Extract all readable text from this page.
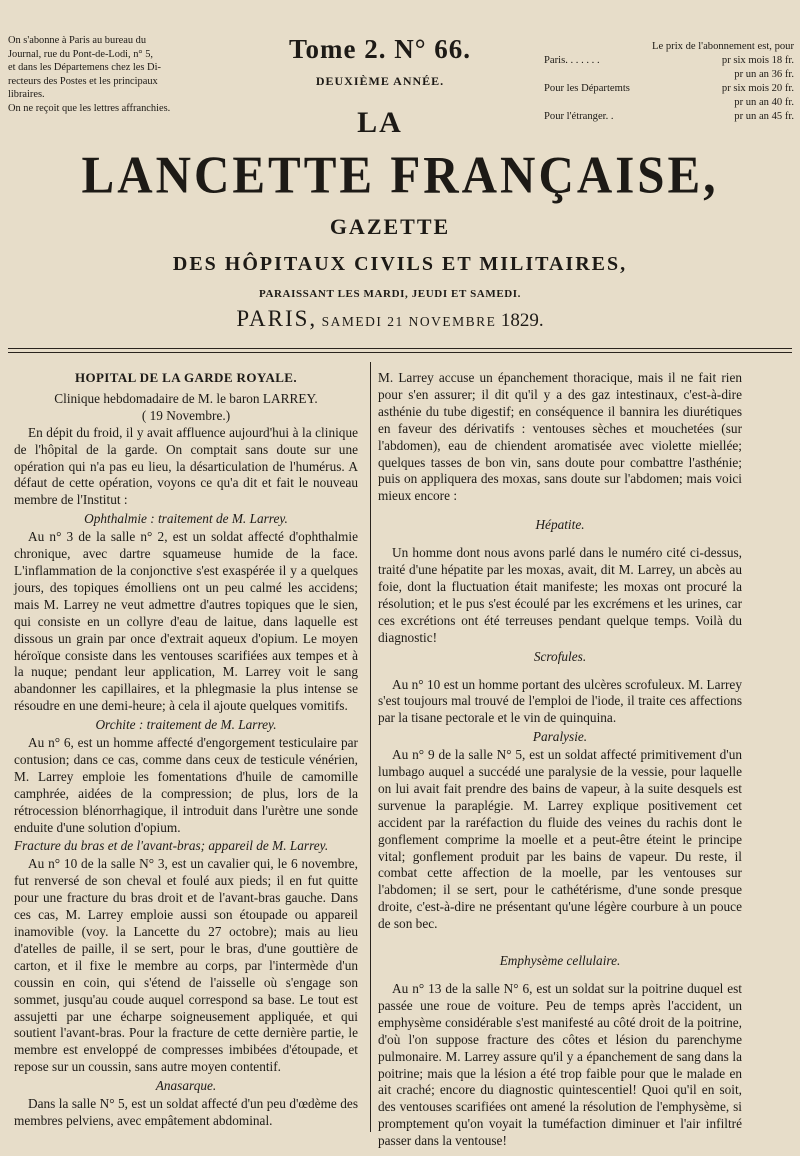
On s'abonne à Paris au bureau du

Journal, rue du Pont-de-Lodi, n° 5,

et dans les Départemens chez les Di-

recteurs des Postes et les principaux

libraires.

On ne reçoit que les lettres affranchies.

Tome 2. N° 66.
DEUXIÈME ANNÉE.
Le prix de l'abonnement est, pour
Paris. . . . . . .	pr six mois 18 fr.
pr un an 36 fr.
Pour les Départemts	pr six mois 20 fr.
pr un an 40 fr.
Pour l'étranger. .	pr un an 45 fr.
LA
LANCETTE FRANÇAISE,
GAZETTE
DES HÔPITAUX CIVILS ET MILITAIRES,
PARAISSANT LES MARDI, JEUDI ET SAMEDI.
PARIS, SAMEDI 21 NOVEMBRE 1829.
HOPITAL DE LA GARDE ROYALE.

Clinique hebdomadaire de M. le baron LARREY.

( 19 Novembre.)

En dépit du froid, il y avait affluence aujourd'hui à la clinique de l'hôpital de la garde. On comptait sans doute sur une opération qui n'a pas eu lieu, la désarticulation de l'humérus. A défaut de cette opération, voyons ce qu'a dit et fait le nouveau membre de l'Institut :

Ophthalmie : traitement de M. Larrey.

Au n° 3 de la salle n° 2, est un soldat affecté d'ophthalmie chronique, avec dartre squameuse humide de la face. L'inflammation de la conjonctive s'est exaspérée il y a quelques jours, des topiques émolliens ont un peu calmé les accidens; mais M. Larrey ne veut admettre d'autres topiques que le sien, qui consiste en un collyre d'eau de laitue, dans laquelle est dissous un grain par once d'extrait aqueux d'opium. Le moyen héroïque consiste dans les ventouses scarifiées aux tempes et à la nuque; pendant leur application, M. Larrey voit le sang abandonner les capillaires, et la phlegmasie la plus intense se résoudre en une demi-heure; à cela il ajoute quelques vomitifs.

Orchite : traitement de M. Larrey.

Au n° 6, est un homme affecté d'engorgement testiculaire par contusion; dans ce cas, comme dans ceux de testicule vénérien, M. Larrey emploie les fomentations d'huile de camomille camphrée, aidées de la compression; de plus, lors de la rétrocession blénorrhagique, il introduit dans l'urètre une sonde enduite d'une solution d'opium.

Fracture du bras et de l'avant-bras; appareil de M. Larrey.

Au n° 10 de la salle N° 3, est un cavalier qui, le 6 novembre, fut renversé de son cheval et foulé aux pieds; il en fut quitte pour une fracture du bras droit et de l'avant-bras gauche. Dans ces cas, M. Larrey emploie aussi son étoupade ou appareil inamovible (voy. la Lancette du 27 octobre); mais au lieu d'atelles de paille, il se sert, pour le bras, d'une gouttière de carton, et il fixe le membre au corps, par l'intermède d'un coussin en coin, qui s'étend de l'aisselle où s'engage son sommet, jusqu'au coude auquel correspond sa base. Le tout est assujetti par une écharpe soigneusement appliquée, et qui soutient l'avant-bras. Pour la fracture de cette dernière partie, le membre est enveloppé de compresses imbibées d'étoupade, et repose sur un coussin, sans autre moyen contentif.

Anasarque.

Dans la salle N° 5, est un soldat affecté d'un peu d'œdème des membres pelviens, avec empâtement abdominal.

M. Larrey accuse un épanchement thoracique, mais il ne fait rien pour s'en assurer; il dit qu'il y a des gaz intestinaux, c'est-à-dire asthénie du tube digestif; en conséquence il bannira les diurétiques en faveur des dérivatifs : ventouses sèches et mouchetées (sur l'abdomen), eau de chiendent aromatisée avec violette miellée; quelques tasses de bon vin, sans doute pour combattre l'asthénie; puis on appliquera des moxas, sans doute sur l'abdomen; mais voici mieux encore :

Hépatite.

Un homme dont nous avons parlé dans le numéro cité ci-dessus, traité d'une hépatite par les moxas, avait, dit M. Larrey, un abcès au foie, dont la fluctuation était manifeste; les moxas ont procuré la résolution; et le pus s'est écoulé par les excrémens et les urines, car ces excrétions ont été terreuses pendant quelque temps. Voilà du diagnostic!

Scrofules.

Au n° 10 est un homme portant des ulcères scrofuleux. M. Larrey s'est toujours mal trouvé de l'emploi de l'iode, il traite ces affections par la tisane pectorale et le vin de quinquina.

Paralysie.

Au n° 9 de la salle N° 5, est un soldat affecté primitivement d'un lumbago auquel a succédé une paralysie de la vessie, pour laquelle on lui avait fait prendre des bains de vapeur, à la suite desquels est survenue la paraplégie. M. Larrey explique positivement cet accident par la raréfaction du fluide des veines du rachis dont le gonflement comprime la moelle et a peut-être éteint le principe vital; gonflement produit par les bains de vapeur. Du reste, il combat cette affection de la moelle, par les ventouses sur l'abdomen; il se sert, pour le cathétérisme, d'une sonde presque droite, c'est-à-dire ne présentant qu'une légère courbure à un pouce de son bec.

Emphysème cellulaire.

Au n° 13 de la salle N° 6, est un soldat sur la poitrine duquel est passée une roue de voiture. Peu de temps après l'accident, un emphysème considérable s'est manifesté au côté droit de la poitrine, d'où l'on suppose fracture des côtes et lésion du parenchyme pulmonaire. M. Larrey assure qu'il y a épanchement de sang dans la poitrine; mais que la lésion a été trop faible pour que le malade en ait craché; encore du diagnostic quintescentiel! Quoi qu'il en soit, des ventouses scarifiées ont amené la résolution de l'emphysème, si promptement qu'on voyait la tuméfaction diminuer et l'air infiltré passer dans la ventouse!
